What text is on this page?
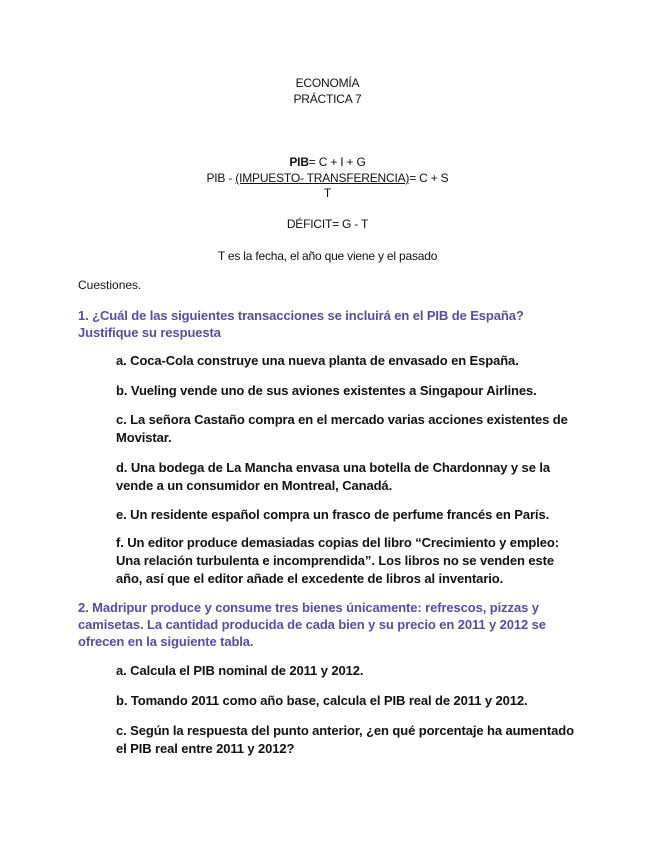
ECONOMÍA
PRÁCTICA 7
PIB= C + I + G
PIB - (IMPUESTO- TRANSFERENCIA)= C + S
T
DÉFICIT= G - T
T es la fecha, el año que viene y el pasado
Cuestiones.
1. ¿Cuál de las siguientes transacciones se incluirá en el PIB de España?
Justifique su respuesta
a. Coca-Cola construye una nueva planta de envasado en España.
b. Vueling vende uno de sus aviones existentes a Singapour Airlines.
c. La señora Castaño compra en el mercado varias acciones existentes de
Movistar.
d. Una bodega de La Mancha envasa una botella de Chardonnay y se la
vende a un consumidor en Montreal, Canadá.
e. Un residente español compra un frasco de perfume francés en París.
f. Un editor produce demasiadas copias del libro “Crecimiento y empleo:
Una relación turbulenta e incomprendida”. Los libros no se venden este
año, así que el editor añade el excedente de libros al inventario.
2. Madripur produce y consume tres bienes únicamente: refrescos, pizzas y
camisetas. La cantidad producida de cada bien y su precio en 2011 y 2012 se
ofrecen en la siguiente tabla.
a. Calcula el PIB nominal de 2011 y 2012.
b. Tomando 2011 como año base, calcula el PIB real de 2011 y 2012.
c. Según la respuesta del punto anterior, ¿en qué porcentaje ha aumentado
el PIB real entre 2011 y 2012?
